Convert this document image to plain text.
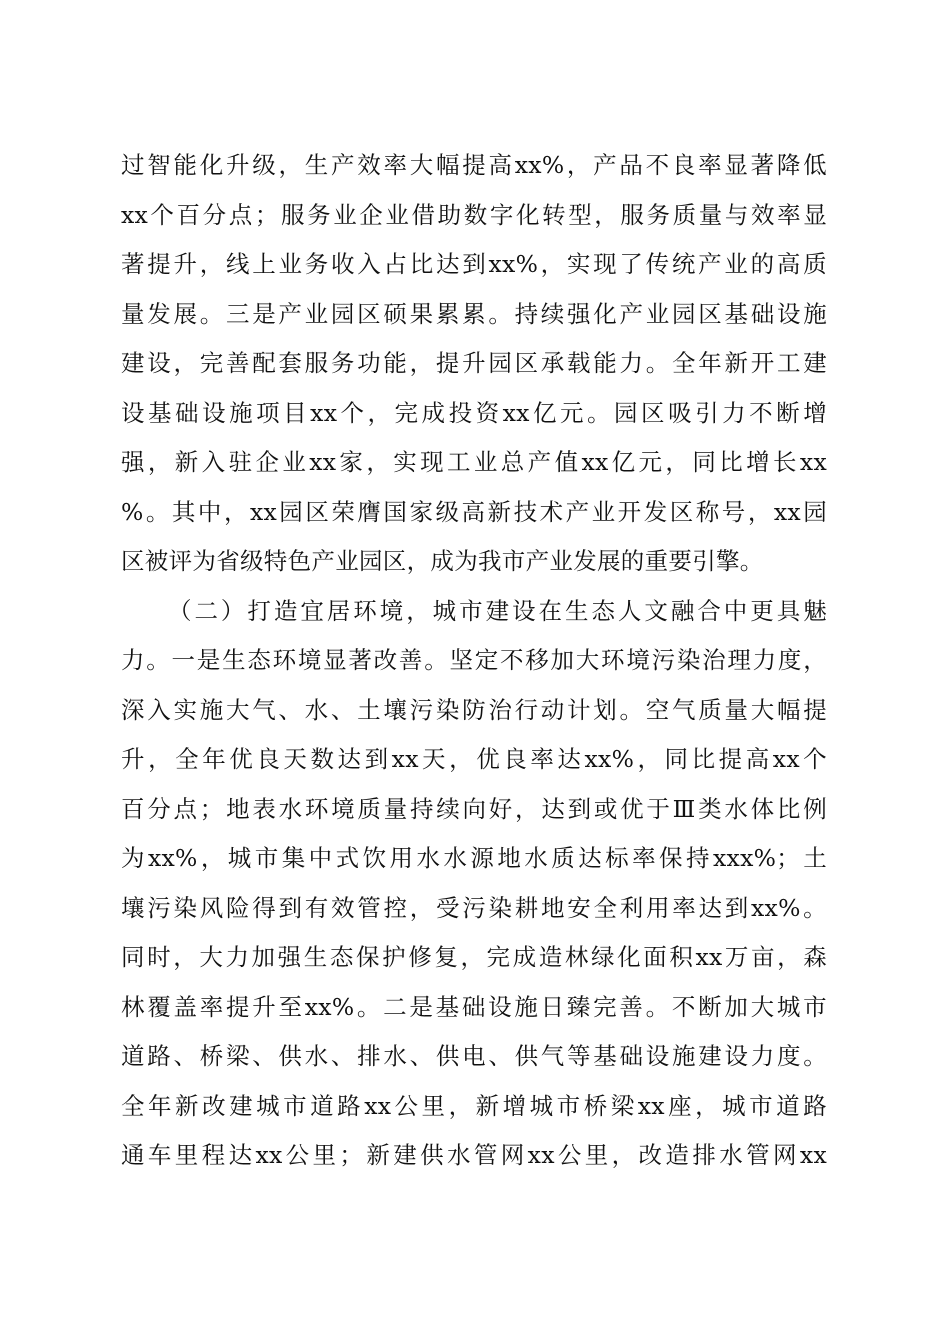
过智能化升级，生产效率大幅提高xx%，产品不良率显著降低
xx个百分点；服务业企业借助数字化转型，服务质量与效率显
著提升，线上业务收入占比达到xx%，实现了传统产业的高质
量发展。三是产业园区硕果累累。持续强化产业园区基础设施
建设，完善配套服务功能，提升园区承载能力。全年新开工建
设基础设施项目xx个，完成投资xx亿元。园区吸引力不断增
强，新入驻企业xx家，实现工业总产值xx亿元，同比增长xx
%。其中，xx园区荣膺国家级高新技术产业开发区称号，xx园
区被评为省级特色产业园区，成为我市产业发展的重要引擎。
（二）打造宜居环境，城市建设在生态人文融合中更具魅
力。一是生态环境显著改善。坚定不移加大环境污染治理力度，
深入实施大气、水、土壤污染防治行动计划。空气质量大幅提
升，全年优良天数达到xx天，优良率达xx%，同比提高xx个
百分点；地表水环境质量持续向好，达到或优于Ⅲ类水体比例
为xx%，城市集中式饮用水水源地水质达标率保持xxx%；土
壤污染风险得到有效管控，受污染耕地安全利用率达到xx%。
同时，大力加强生态保护修复，完成造林绿化面积xx万亩，森
林覆盖率提升至xx%。二是基础设施日臻完善。不断加大城市
道路、桥梁、供水、排水、供电、供气等基础设施建设力度。
全年新改建城市道路xx公里，新增城市桥梁xx座，城市道路
通车里程达xx公里；新建供水管网xx公里，改造排水管网xx
